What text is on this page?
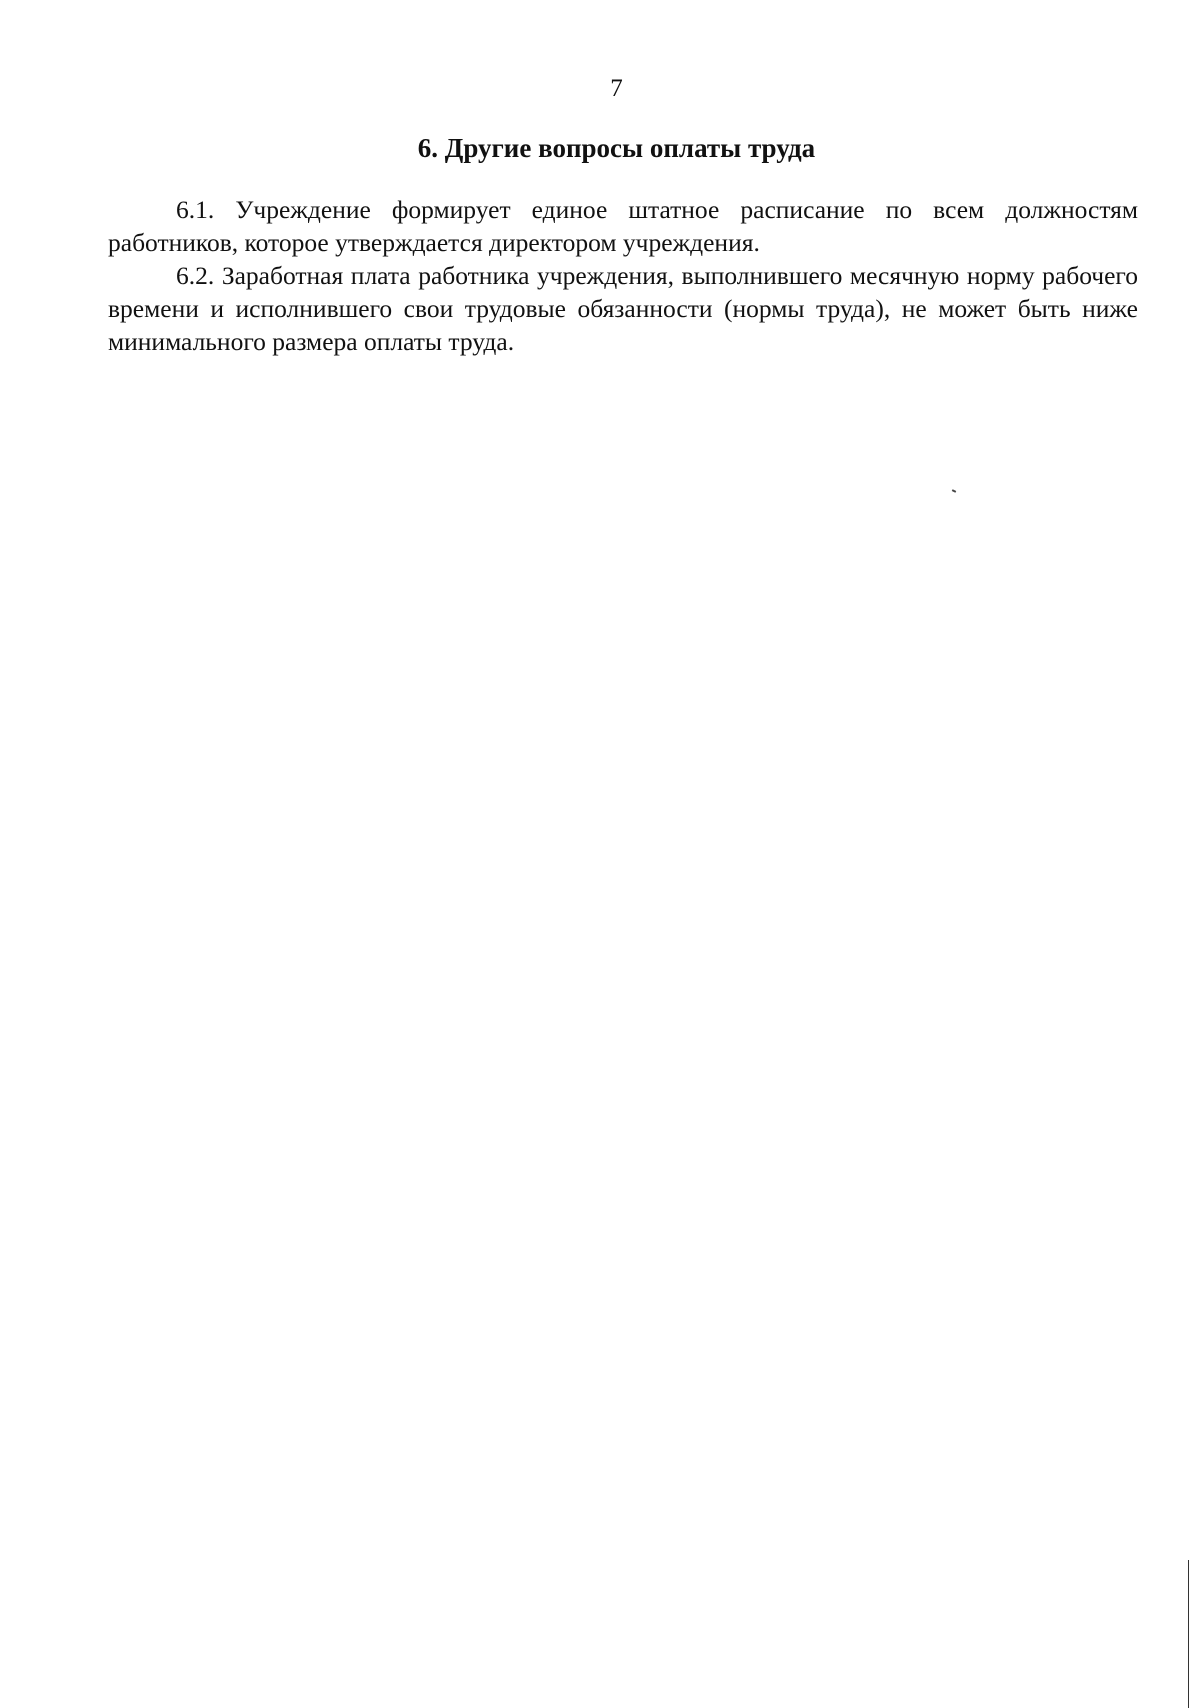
7
6. Другие вопросы оплаты труда

6.1. Учреждение формирует единое штатное расписание по всем должностям работников, которое утверждается директором учреждения.

6.2. Заработная плата работника учреждения, выполнившего месячную норму рабочего времени и исполнившего свои трудовые обязанности (нормы труда), не может быть ниже минимального размера оплаты труда.
